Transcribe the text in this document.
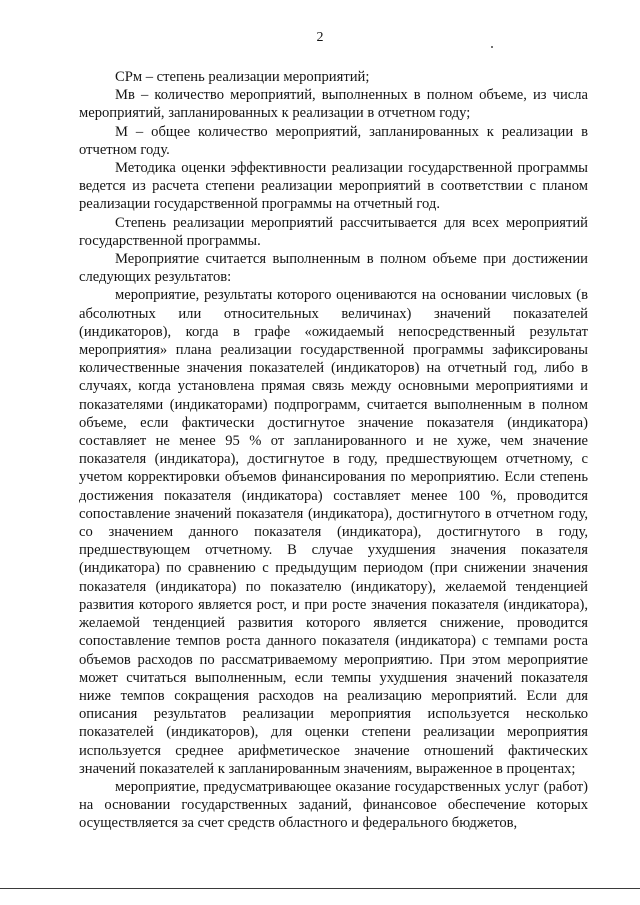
2

СРм – степень реализации мероприятий;

Мв – количество мероприятий, выполненных в полном объеме, из числа мероприятий, запланированных к реализации в отчетном году;

М – общее количество мероприятий, запланированных к реализации в отчетном году.

Методика оценки эффективности реализации государственной программы ведется из расчета степени реализации мероприятий в соответствии с планом реализации государственной программы на отчетный год.

Степень реализации мероприятий рассчитывается для всех мероприятий государственной программы.

Мероприятие считается выполненным в полном объеме при достижении следующих результатов:

мероприятие, результаты которого оцениваются на основании числовых (в абсолютных или относительных величинах) значений показателей (индикаторов), когда в графе «ожидаемый непосредственный результат мероприятия» плана реализации государственной программы зафиксированы количественные значения показателей (индикаторов) на отчетный год, либо в случаях, когда установлена прямая связь между основными мероприятиями и показателями (индикаторами) подпрограмм, считается выполненным в полном объеме, если фактически достигнутое значение показателя (индикатора) составляет не менее 95 % от запланированного и не хуже, чем значение показателя (индикатора), достигнутое в году, предшествующем отчетному, с учетом корректировки объемов финансирования по мероприятию. Если степень достижения показателя (индикатора) составляет менее 100 %, проводится сопоставление значений показателя (индикатора), достигнутого в отчетном году, со значением данного показателя (индикатора), достигнутого в году, предшествующем отчетному. В случае ухудшения значения показателя (индикатора) по сравнению с предыдущим периодом (при снижении значения показателя (индикатора) по показателю (индикатору), желаемой тенденцией развития которого является рост, и при росте значения показателя (индикатора), желаемой тенденцией развития которого является снижение, проводится сопоставление темпов роста данного показателя (индикатора) с темпами роста объемов расходов по рассматриваемому мероприятию. При этом мероприятие может считаться выполненным, если темпы ухудшения значений показателя ниже темпов сокращения расходов на реализацию мероприятий. Если для описания результатов реализации мероприятия используется несколько показателей (индикаторов), для оценки степени реализации мероприятия используется среднее арифметическое значение отношений фактических значений показателей к запланированным значениям, выраженное в процентах;

мероприятие, предусматривающее оказание государственных услуг (работ) на основании государственных заданий, финансовое обеспечение которых осуществляется за счет средств областного и федерального бюджетов,
